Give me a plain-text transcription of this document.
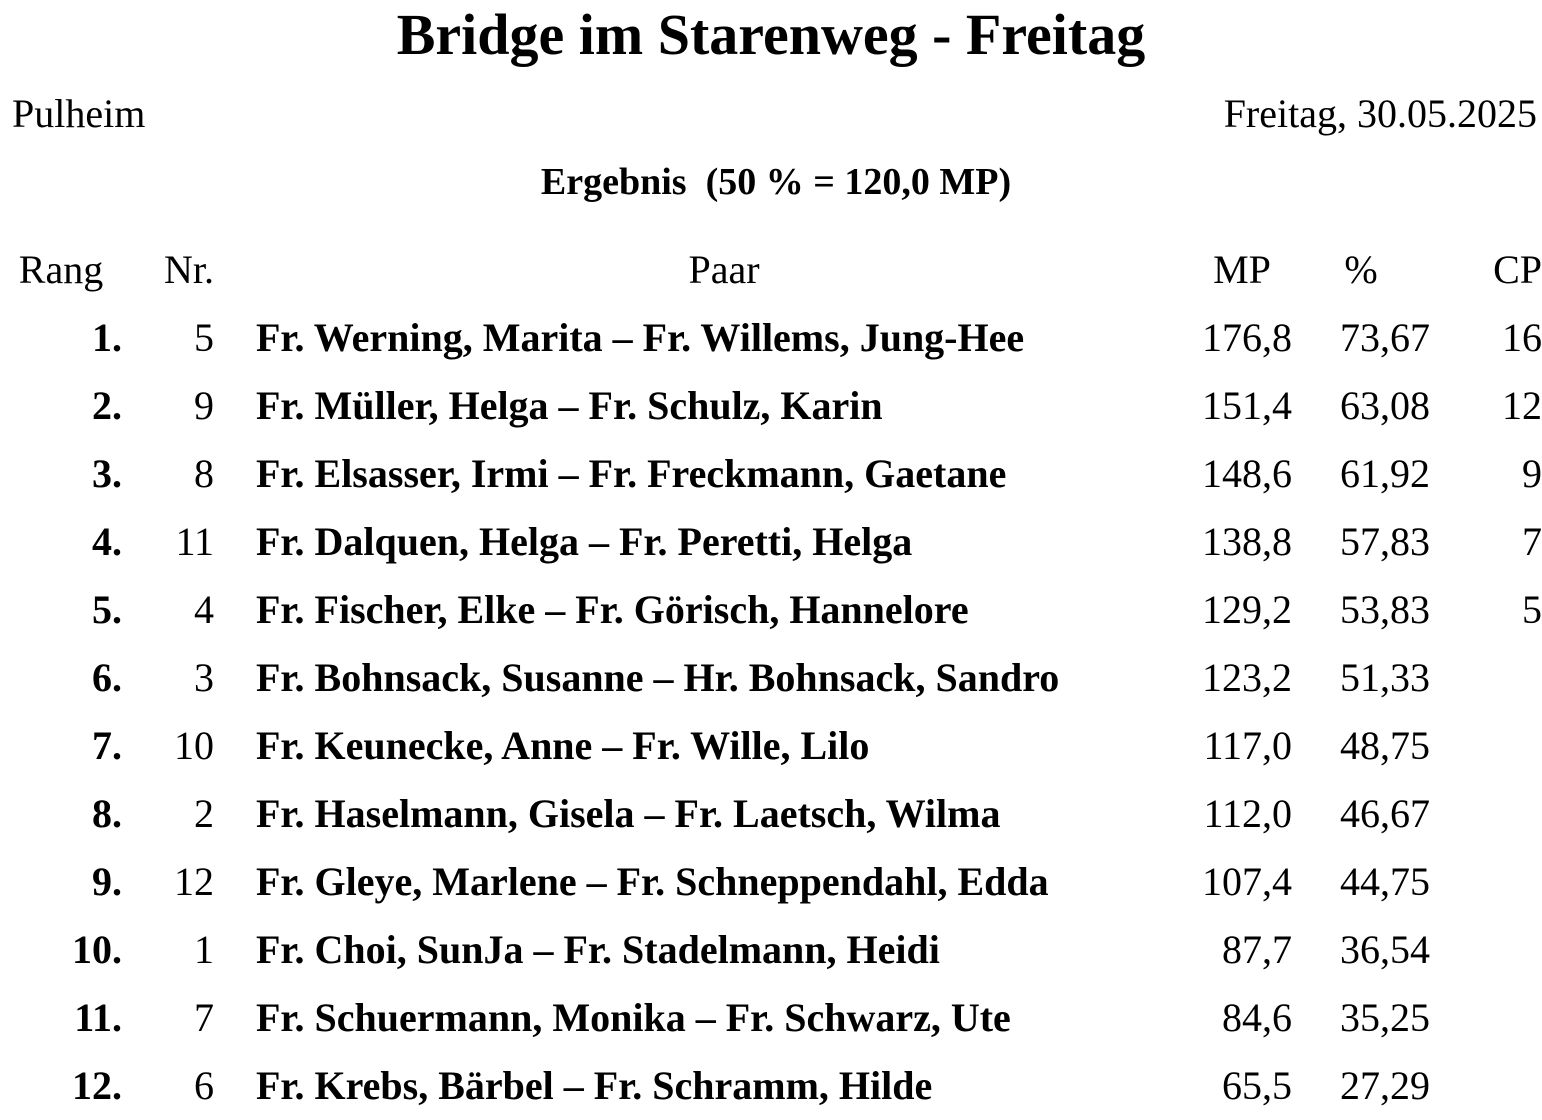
Bridge im Starenweg - Freitag
Pulheim	Freitag, 30.05.2025
Ergebnis  (50 % = 120,0 MP)
Rang	Nr.		Paar	MP	%	CP
1.	5		Fr. Werning, Marita – Fr. Willems, Jung-Hee	176,8	73,67	16
2.	9		Fr. Müller, Helga – Fr. Schulz, Karin	151,4	63,08	12
3.	8		Fr. Elsasser, Irmi – Fr. Freckmann, Gaetane	148,6	61,92	9
4.	11		Fr. Dalquen, Helga – Fr. Peretti, Helga	138,8	57,83	7
5.	4		Fr. Fischer, Elke – Fr. Görisch, Hannelore	129,2	53,83	5
6.	3		Fr. Bohnsack, Susanne – Hr. Bohnsack, Sandro	123,2	51,33	
7.	10		Fr. Keunecke, Anne – Fr. Wille, Lilo	117,0	48,75	
8.	2		Fr. Haselmann, Gisela – Fr. Laetsch, Wilma	112,0	46,67	
9.	12		Fr. Gleye, Marlene – Fr. Schneppendahl, Edda	107,4	44,75	
10.	1		Fr. Choi, SunJa – Fr. Stadelmann, Heidi	87,7	36,54	
11.	7		Fr. Schuermann, Monika – Fr. Schwarz, Ute	84,6	35,25	
12.	6		Fr. Krebs, Bärbel – Fr. Schramm, Hilde	65,5	27,29	
